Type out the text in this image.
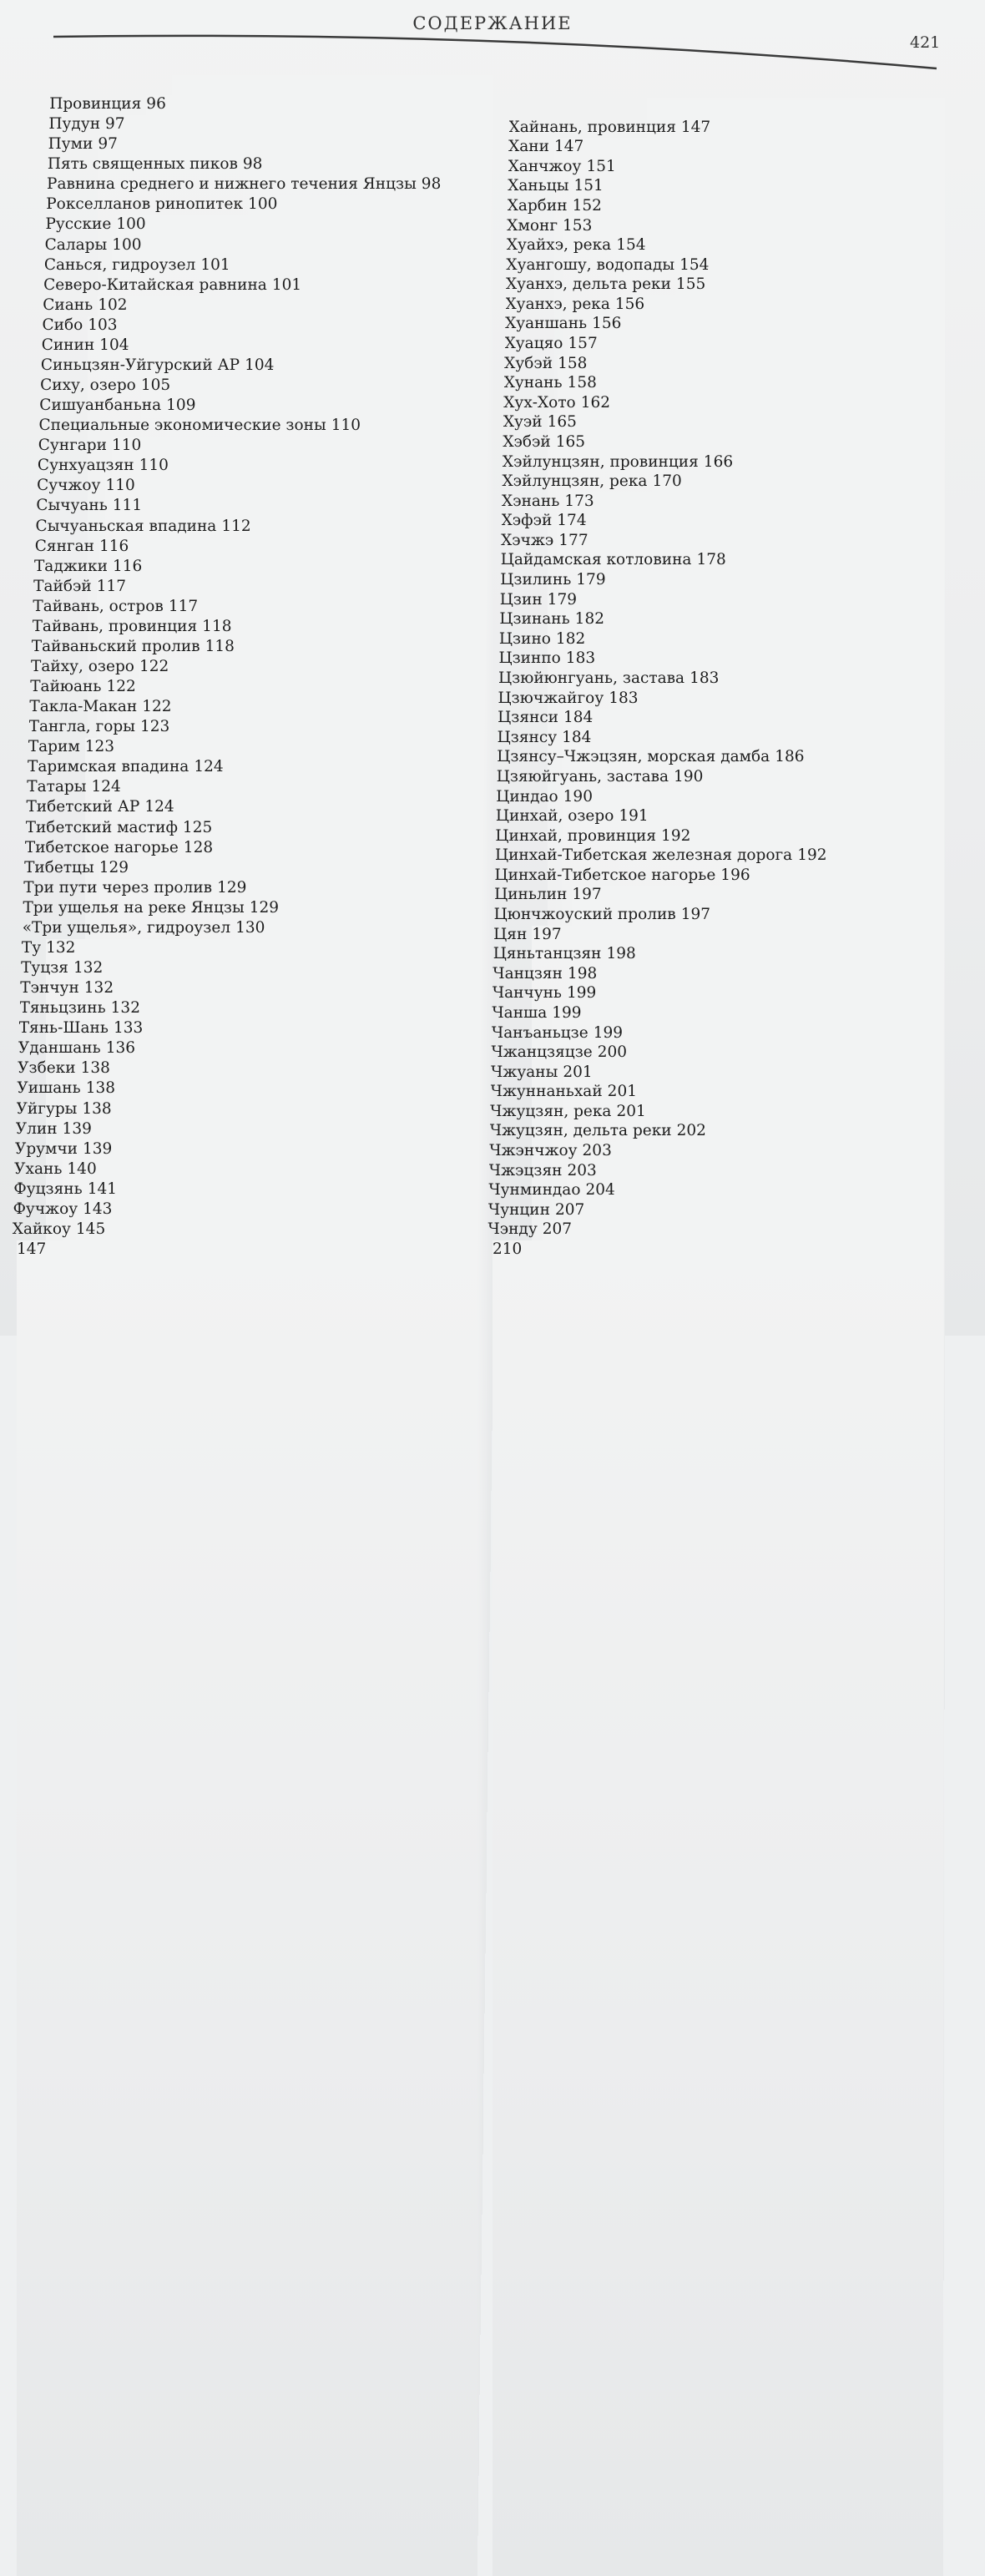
СОДЕРЖАНИЕ
421
Провинция 96
Пудун 97
Пуми 97
Пять священных пиков 98
Равнина среднего и нижнего течения Янцзы 98
Рокселланов ринопитек 100
Русские 100
Салары 100
Санься, гидроузел 101
Северо-Китайская равнина 101
Сиань 102
Сибо 103
Синин 104
Синьцзян-Уйгурский АР 104
Сиху, озеро 105
Сишуанбаньна 109
Специальные экономические зоны 110
Сунгари 110
Сунхуацзян 110
Сучжоу 110
Сычуань 111
Сычуаньская впадина 112
Сянган 116
Таджики 116
Тайбэй 117
Тайвань, остров 117
Тайвань, провинция 118
Тайваньский пролив 118
Тайху, озеро 122
Тайюань 122
Такла-Макан 122
Тангла, горы 123
Тарим 123
Таримская впадина 124
Татары 124
Тибетский АР 124
Тибетский мастиф 125
Тибетское нагорье 128
Тибетцы 129
Три пути через пролив 129
Три ущелья на реке Янцзы 129
«Три ущелья», гидроузел 130
Ту 132
Туцзя 132
Тэнчун 132
Тяньцзинь 132
Тянь-Шань 133
Уданшань 136
Узбеки 138
Уишань 138
Уйгуры 138
Улин 139
Урумчи 139
Ухань 140
Фуцзянь 141
Фучжоу 143
Хайкоу 145
147
Хайнань, провинция 147
Хани 147
Ханчжоу 151
Ханьцы 151
Харбин 152
Хмонг 153
Хуайхэ, река 154
Хуангошу, водопады 154
Хуанхэ, дельта реки 155
Хуанхэ, река 156
Хуаншань 156
Хуацяо 157
Хубэй 158
Хунань 158
Хух-Хото 162
Хуэй 165
Хэбэй 165
Хэйлунцзян, провинция 166
Хэйлунцзян, река 170
Хэнань 173
Хэфэй 174
Хэчжэ 177
Цайдамская котловина 178
Цзилинь 179
Цзин 179
Цзинань 182
Цзино 182
Цзинпо 183
Цзюйюнгуань, застава 183
Цзючжайгоу 183
Цзянси 184
Цзянсу 184
Цзянсу–Чжэцзян, морская дамба 186
Цзяюйгуань, застава 190
Циндао 190
Цинхай, озеро 191
Цинхай, провинция 192
Цинхай-Тибетская железная дорога 192
Цинхай-Тибетское нагорье 196
Циньлин 197
Цюнчжоуский пролив 197
Цян 197
Цяньтанцзян 198
Чанцзян 198
Чанчунь 199
Чанша 199
Чанъаньцзе 199
Чжанцзяцзе 200
Чжуаны 201
Чжуннаньхай 201
Чжуцзян, река 201
Чжуцзян, дельта реки 202
Чжэнчжоу 203
Чжэцзян 203
Чунминдао 204
Чунцин 207
Чэнду 207
210
